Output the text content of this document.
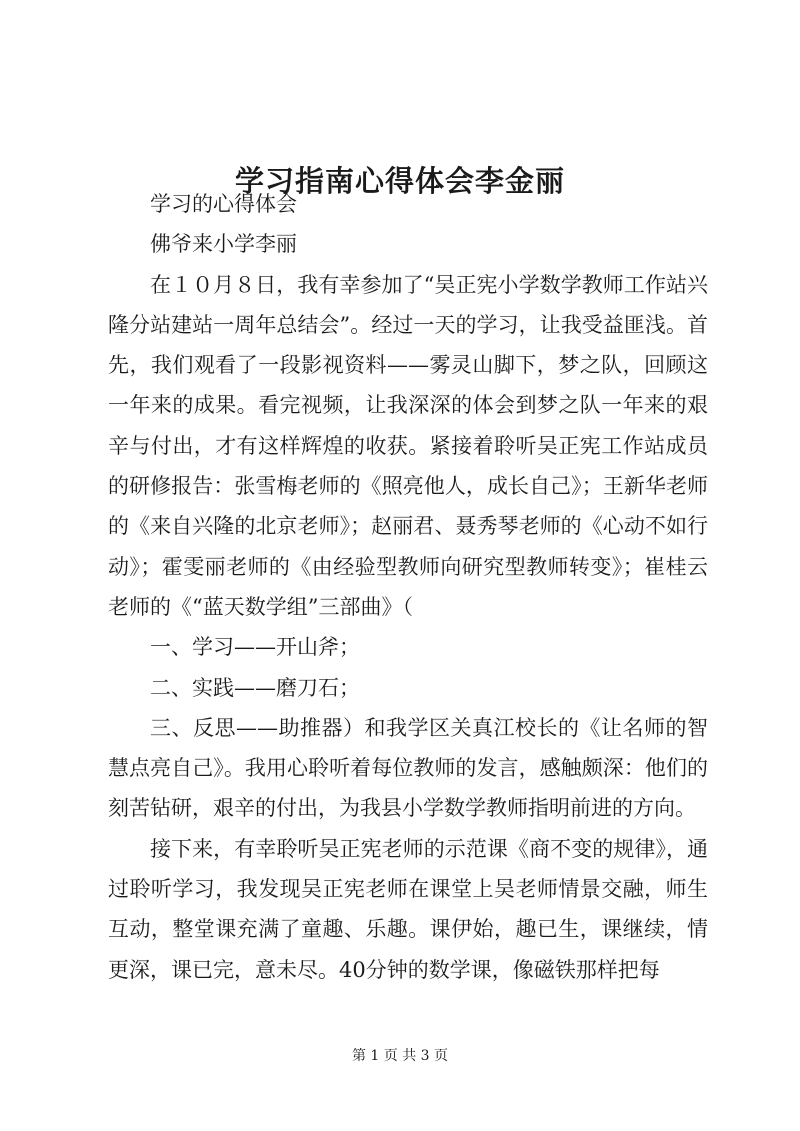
学习指南心得体会李金丽

学习的心得体会

佛爷来小学李丽

在１０月８日，我有幸参加了“吴正宪小学数学教师工作站兴隆分站建站一周年总结会”。经过一天的学习，让我受益匪浅。首先，我们观看了一段影视资料——雾灵山脚下，梦之队，回顾这一年来的成果。看完视频，让我深深的体会到梦之队一年来的艰辛与付出，才有这样辉煌的收获。紧接着聆听吴正宪工作站成员的研修报告：张雪梅老师的《照亮他人，成长自己》；王新华老师的《来自兴隆的北京老师》；赵丽君、聂秀琴老师的《心动不如行动》；霍雯丽老师的《由经验型教师向研究型教师转变》；崔桂云老师的《“蓝天数学组”三部曲》（

一、学习——开山斧；

二、实践——磨刀石；

三、反思——助推器）和我学区关真江校长的《让名师的智慧点亮自己》。我用心聆听着每位教师的发言，感触颇深：他们的刻苦钻研，艰辛的付出，为我县小学数学教师指明前进的方向。

接下来，有幸聆听吴正宪老师的示范课《商不变的规律》，通过聆听学习，我发现吴正宪老师在课堂上吴老师情景交融，师生互动，整堂课充满了童趣、乐趣。课伊始，趣已生，课继续，情更深，课已完，意未尽。40分钟的数学课，像磁铁那样把每

第 1 页 共 3 页
